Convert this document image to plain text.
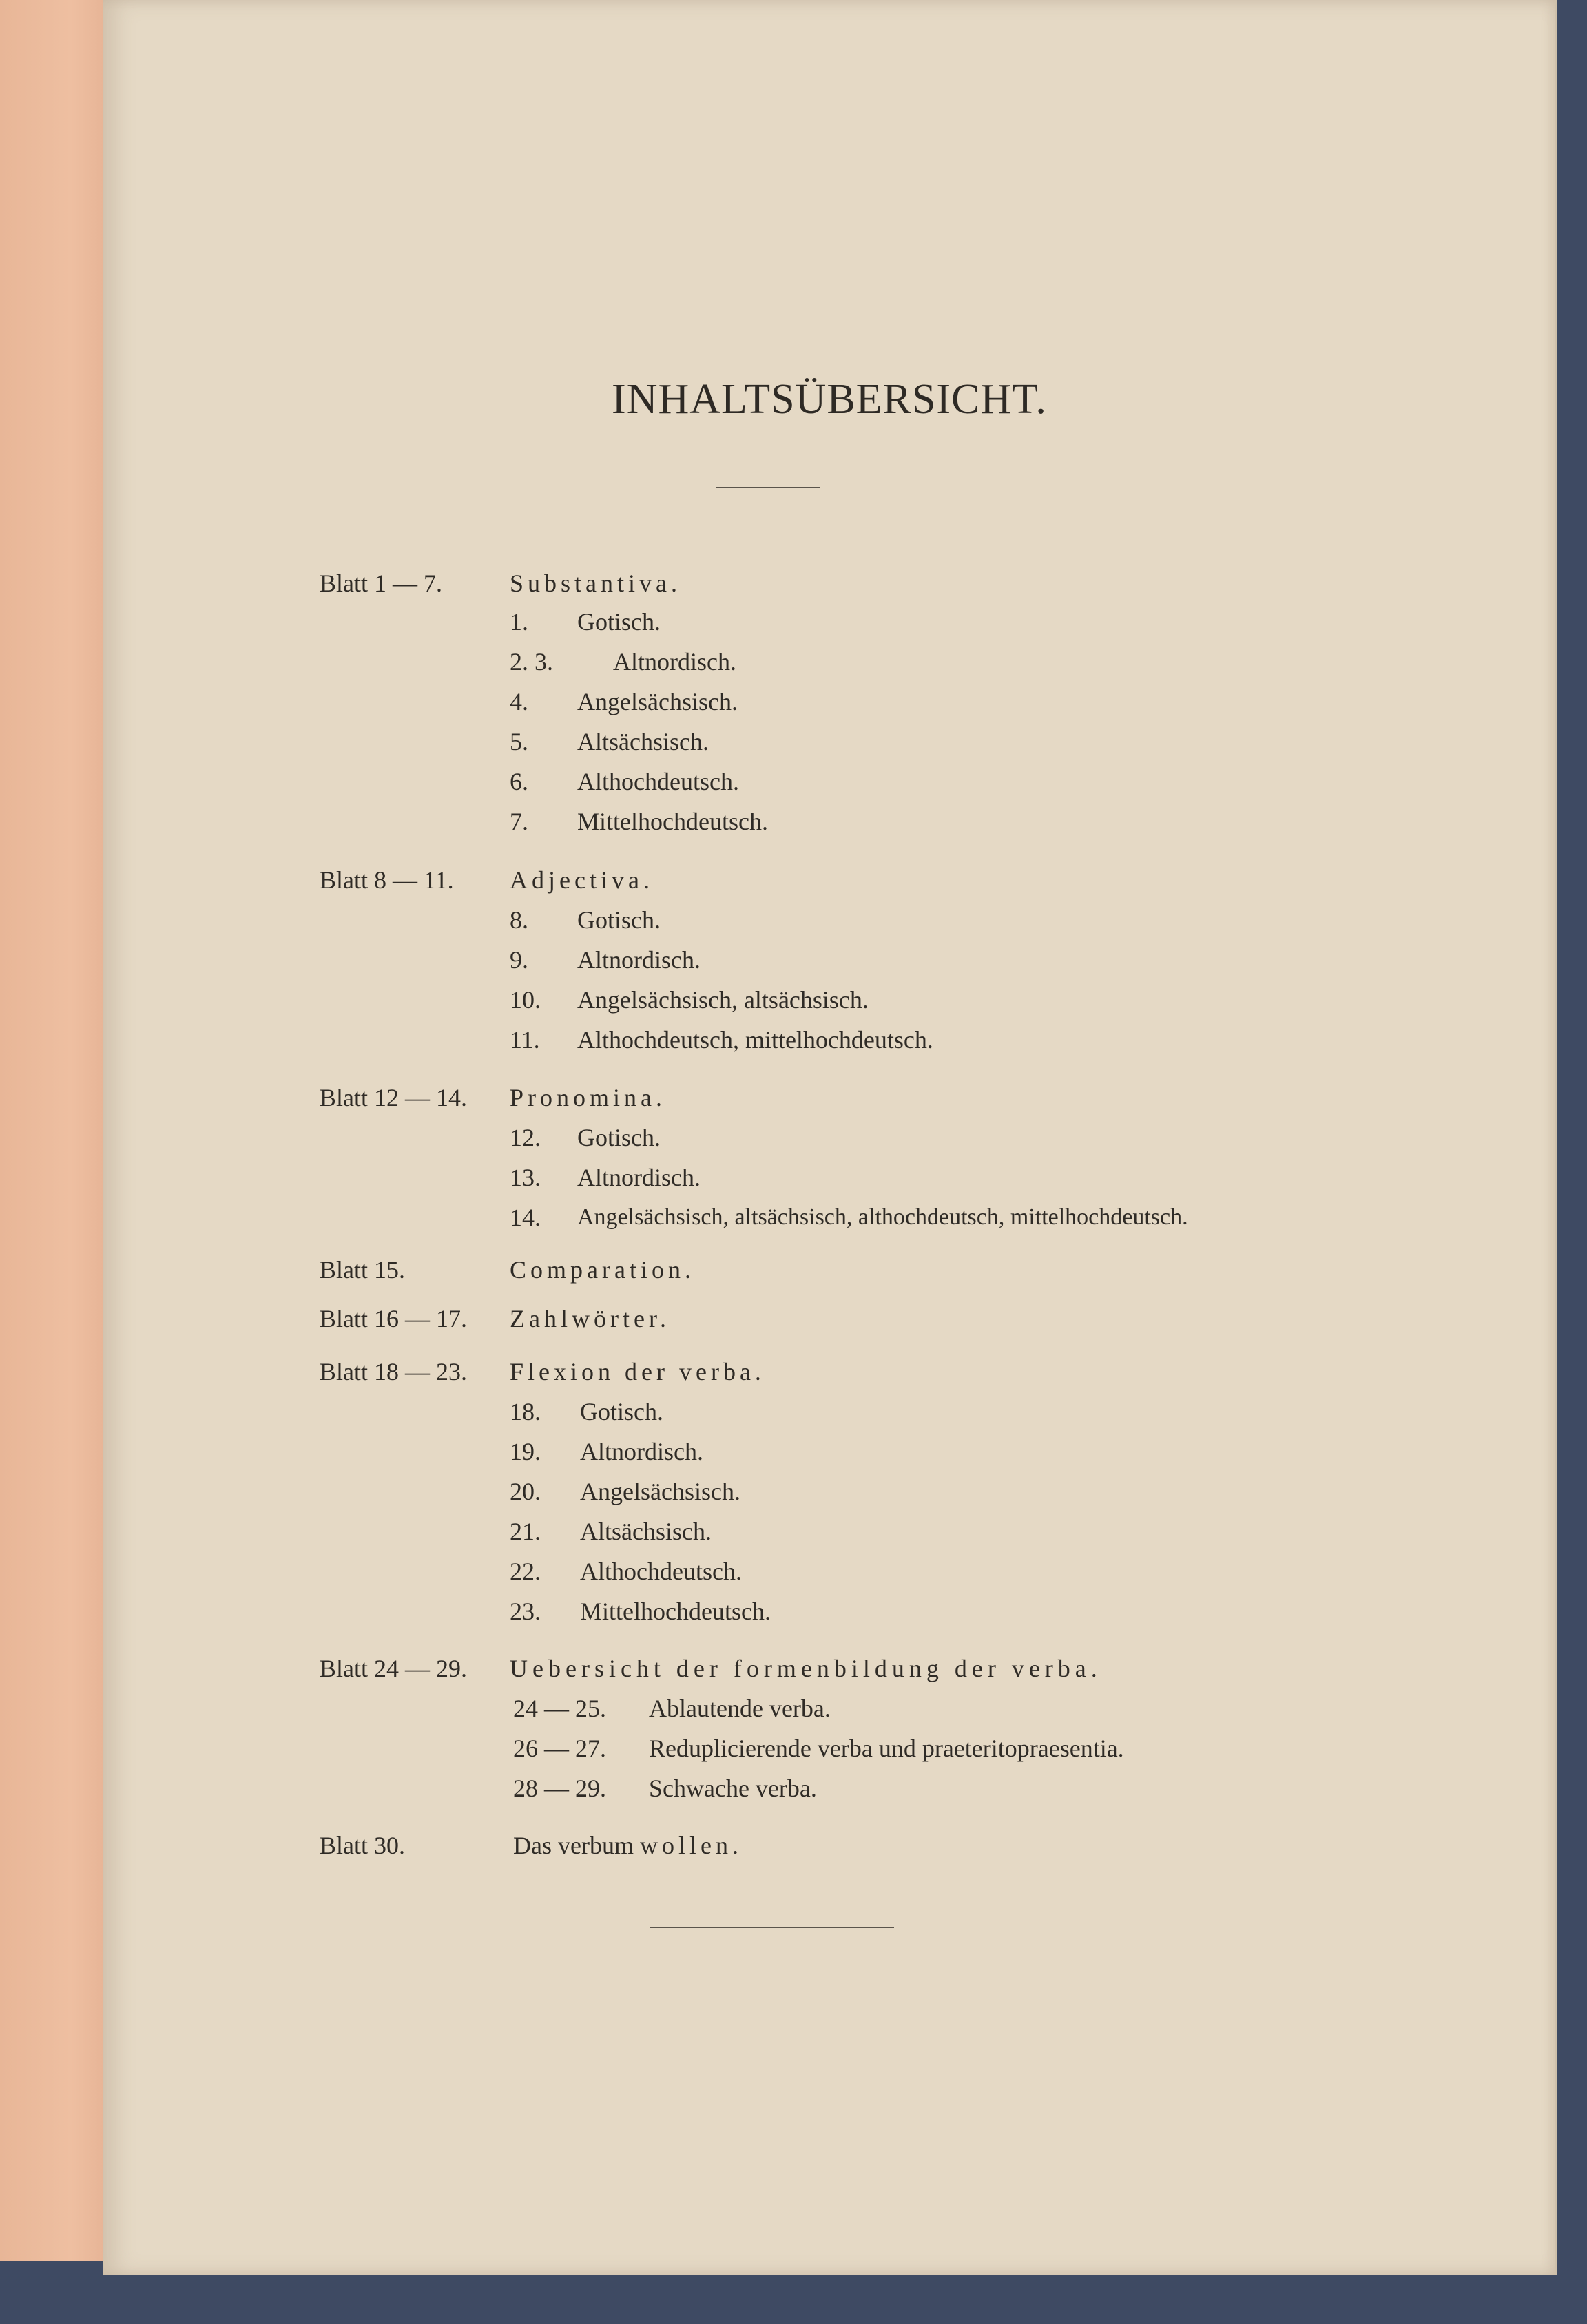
INHALTSÜBERSICHT.
Blatt 1 — 7.	Substantiva.
1.	Gotisch.
2. 3.	Altnordisch.
4.	Angelsächsisch.
5.	Altsächsisch.
6.	Althochdeutsch.
7.	Mittelhochdeutsch.
Blatt 8 — 11. Adjectiva.
8.	Gotisch.
9.	Altnordisch.
10.	Angelsächsisch, altsächsisch.
11.	Althochdeutsch, mittelhochdeutsch.
Blatt 12 — 14. Pronomina.
12.	Gotisch.
13.	Altnordisch.
14.	Angelsächsisch, altsächsisch, althochdeutsch, mittelhochdeutsch.
Blatt 15.	Comparation.
Blatt 16 — 17. Zahlwörter.
Blatt 18 — 23. Flexion der verba.
18.	Gotisch.
19.	Altnordisch.
20.	Angelsächsisch.
21.	Altsächsisch.
22.	Althochdeutsch.
23.	Mittelhochdeutsch.
Blatt 24 — 29. Uebersicht der formenbildung der verba.
24 — 25.	Ablautende verba.
26 — 27.	Reduplicierende verba und praeteritopraesentia.
28 — 29.	Schwache verba.
Blatt 30.	Das verbum wollen.
